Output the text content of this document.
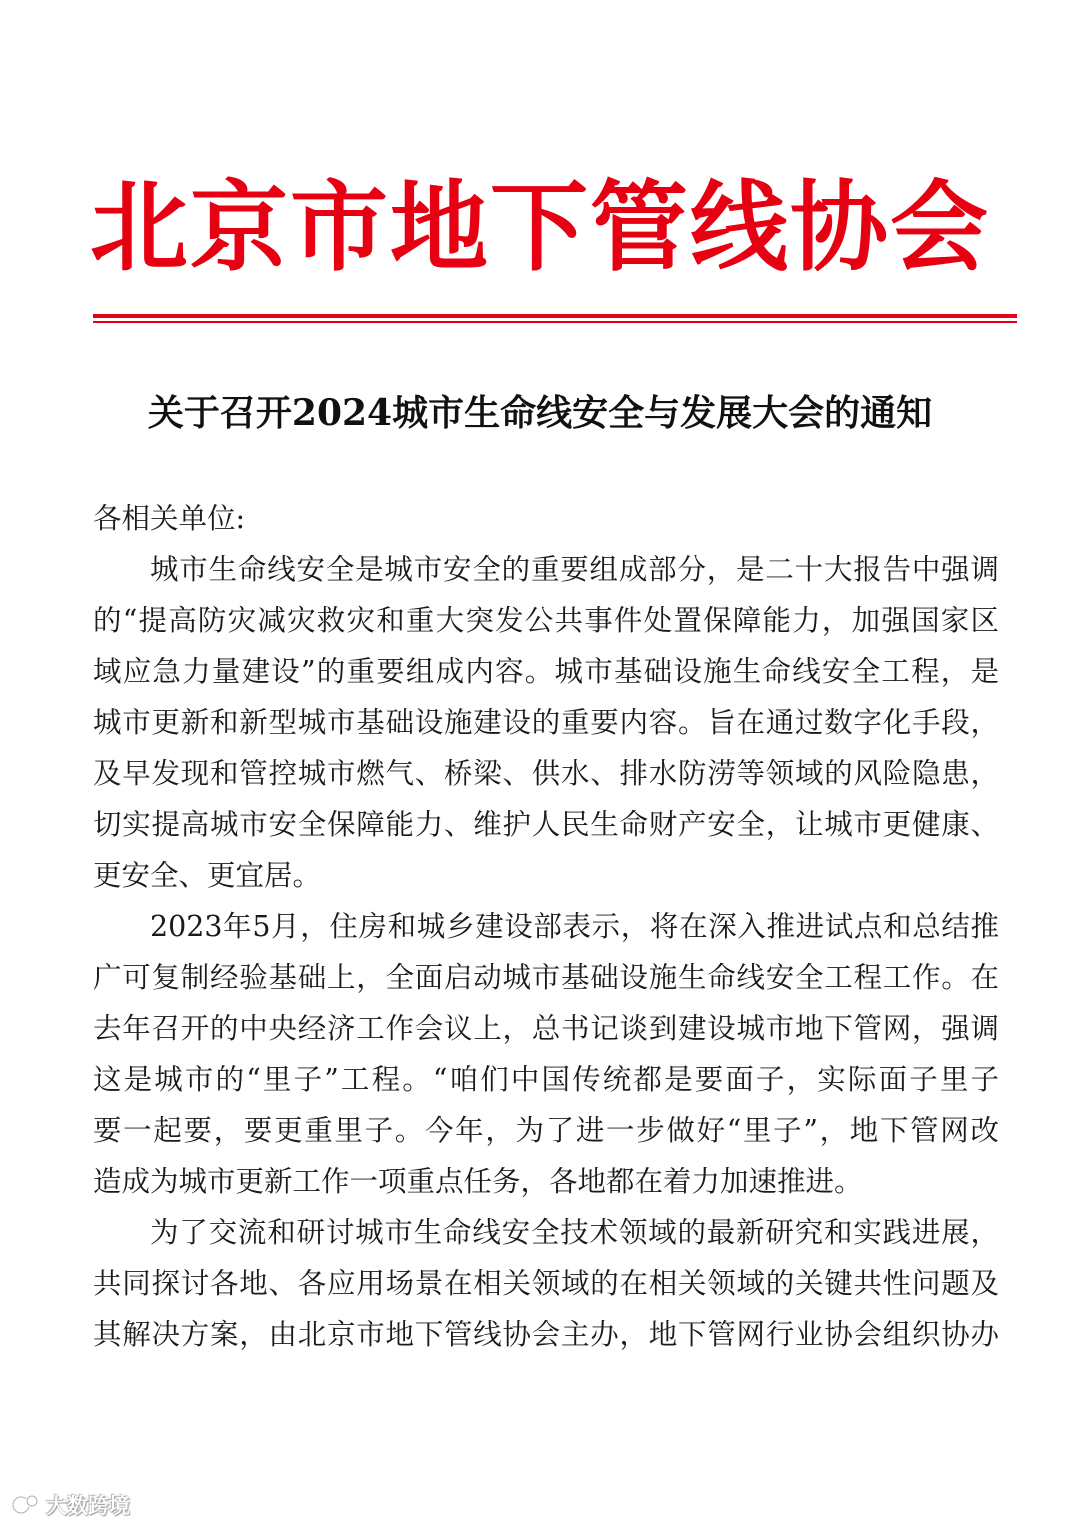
北京市地下管线协会
关于召开2024城市生命线安全与发展大会的通知
各相关单位:
城市生命线安全是城市安全的重要组成部分，是二十大报告中强调
的“提高防灾减灾救灾和重大突发公共事件处置保障能力，加强国家区
域应急力量建设”的重要组成内容。城市基础设施生命线安全工程，是
城市更新和新型城市基础设施建设的重要内容。旨在通过数字化手段，
及早发现和管控城市燃气、桥梁、供水、排水防涝等领域的风险隐患，
切实提高城市安全保障能力、维护人民生命财产安全，让城市更健康、
更安全、更宜居。
2023年5月，住房和城乡建设部表示，将在深入推进试点和总结推
广可复制经验基础上，全面启动城市基础设施生命线安全工程工作。在
去年召开的中央经济工作会议上，总书记谈到建设城市地下管网，强调
这是城市的“里子”工程。“咱们中国传统都是要面子，实际面子里子
要一起要，要更重里子。今年，为了进一步做好“里子”，地下管网改
造成为城市更新工作一项重点任务，各地都在着力加速推进。
为了交流和研讨城市生命线安全技术领域的最新研究和实践进展，
共同探讨各地、各应用场景在相关领域的在相关领域的关键共性问题及
其解决方案，由北京市地下管线协会主办，地下管网行业协会组织协办
大数跨境
